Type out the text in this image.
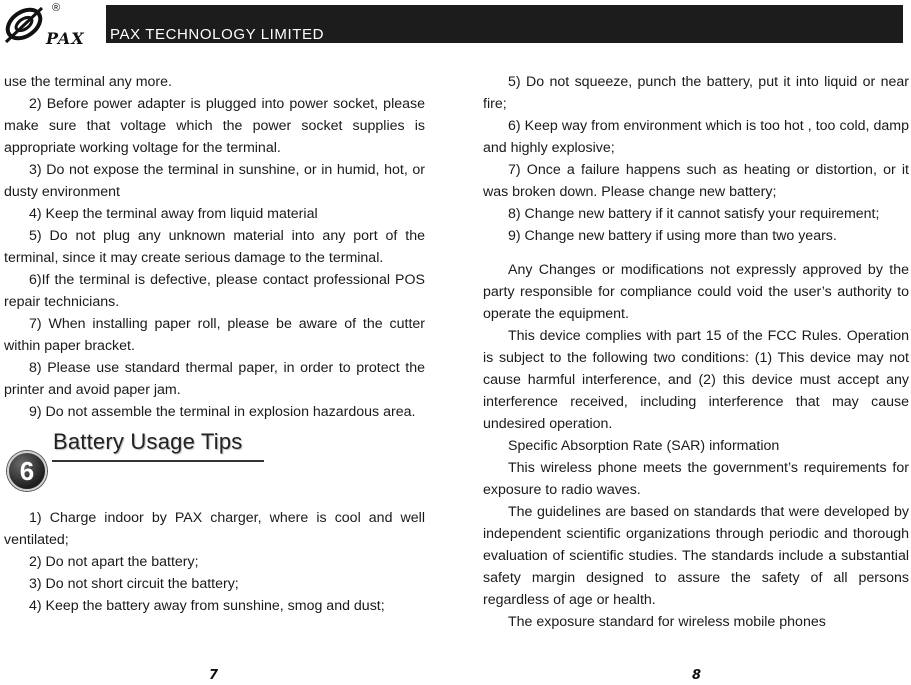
PAX
®
PAX TECHNOLOGY LIMITED

use the terminal any more.

2) Before power adapter is plugged into power socket, please make sure that voltage which the power socket supplies is appropriate working voltage for the terminal.

3) Do not expose the terminal in sunshine, or in humid, hot, or dusty environment

4) Keep the terminal away from liquid material

5) Do not plug any unknown material into any port of the terminal, since it may create serious damage to the terminal.

6)If the terminal is defective, please contact professional POS repair technicians.

7) When installing paper roll, please be aware of the cutter within paper bracket.

8) Please use standard thermal paper, in order to protect the printer and avoid paper jam.

9) Do not assemble the terminal in explosion hazardous area.

6
Battery Usage Tips

1) Charge indoor by PAX charger, where is cool and well ventilated;

2) Do not apart the battery;

3) Do not short circuit the battery;

4) Keep the battery away from sunshine, smog and dust;

5) Do not squeeze, punch the battery, put it into liquid or near fire;

6) Keep way from environment which is too hot , too cold, damp and highly explosive;

7) Once a failure happens such as heating or distortion, or it was broken down. Please change new battery;

8) Change new battery if it cannot satisfy your requirement;

9) Change new battery if using more than two years.

Any Changes or modifications not expressly approved by the party responsible for compliance could void the user’s authority to operate the equipment.

This device complies with part 15 of the FCC Rules. Operation is subject to the following two conditions: (1) This device may not cause harmful interference, and (2) this device must accept any interference received, including interference that may cause undesired operation.

Specific Absorption Rate (SAR) information

This wireless phone meets the government’s requirements for exposure to radio waves.

The guidelines are based on standards that were developed by independent scientific organizations through periodic and thorough evaluation of scientific studies. The standards include a substantial safety margin designed to assure the safety of all persons regardless of age or health.

The exposure standard for wireless mobile phones

7	8
